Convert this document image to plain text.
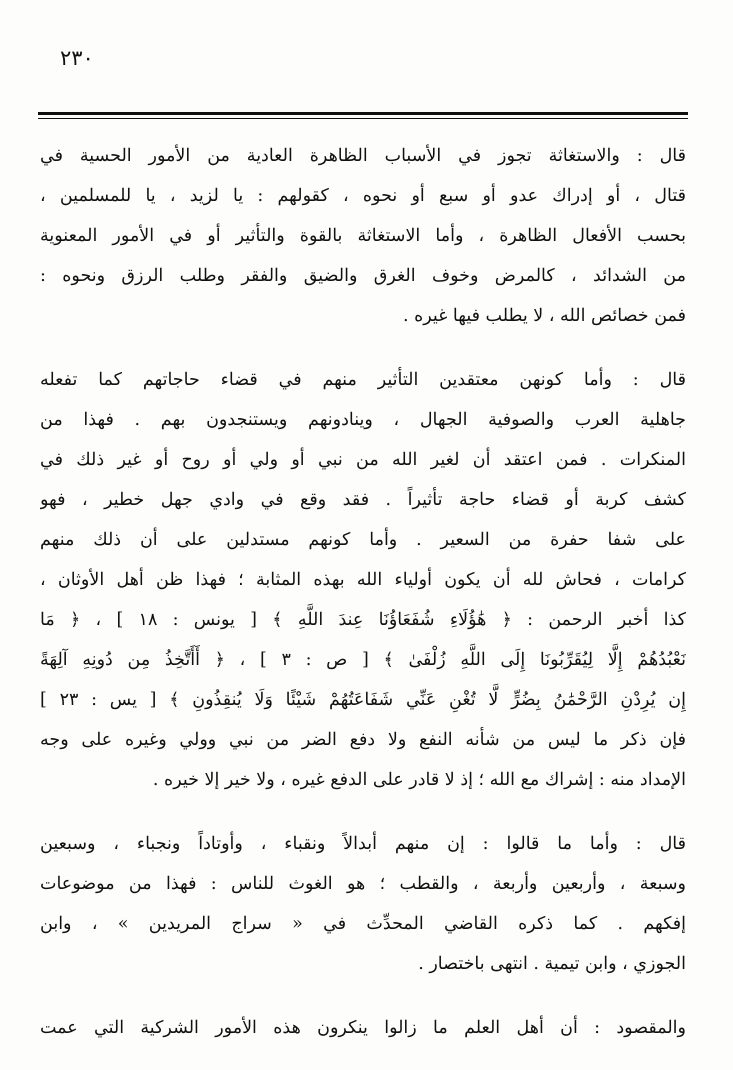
٢٣٠
قال : والاستغاثة تجوز في الأسباب الظاهرة العادية من الأمور الحسية في
قتال ، أو إدراك عدو أو سبع أو نحوه ، كقولهم : يا لزيد ، يا للمسلمين ،
بحسب الأفعال الظاهرة ، وأما الاستغاثة بالقوة والتأثير أو في الأمور المعنوية
من الشدائد ، كالمرض وخوف الغرق والضيق والفقر وطلب الرزق ونحوه :
فمن خصائص الله ، لا يطلب فيها غيره .
قال : وأما كونهن معتقدين التأثير منهم في قضاء حاجاتهم كما تفعله
جاهلية العرب والصوفية الجهال ، وينادونهم ويستنجدون بهم . فهذا من
المنكرات . فمن اعتقد أن لغير الله من نبي أو ولي أو روح أو غير ذلك في
كشف كربة أو قضاء حاجة تأثيراً . فقد وقع في وادي جهل خطير ، فهو
على شفا حفرة من السعير . وأما كونهم مستدلين على أن ذلك منهم
كرامات ، فحاش لله أن يكون أولياء الله بهذه المثابة ؛ فهذا ظن أهل الأوثان ،
كذا أخبر الرحمن : ﴿ هَٰؤُلَاءِ شُفَعَاؤُنَا عِندَ اللَّهِ ﴾ [ يونس : ١٨ ] ، ﴿ مَا
نَعْبُدُهُمْ إِلَّا لِيُقَرِّبُونَا إِلَى اللَّهِ زُلْفَىٰ ﴾ [ ص : ٣ ] ، ﴿ أَأَتَّخِذُ مِن دُونِهِ آلِهَةً
إِن يُرِدْنِ الرَّحْمَٰنُ بِضُرٍّ لَّا تُغْنِ عَنِّي شَفَاعَتُهُمْ شَيْئًا وَلَا يُنقِذُونِ ﴾ [ يس : ٢٣ ]
فإن ذكر ما ليس من شأنه النفع ولا دفع الضر من نبي وولي وغيره على وجه
الإمداد منه : إشراك مع الله ؛ إذ لا قادر على الدفع غيره ، ولا خير إلا خيره .
قال : وأما ما قالوا : إن منهم أبدالاً ونقباء ، وأوتاداً ونجباء ، وسبعين
وسبعة ، وأربعين وأربعة ، والقطب ؛ هو الغوث للناس : فهذا من موضوعات
إفكهم . كما ذكره القاضي المحدِّث في « سراج المريدين » ، وابن
الجوزي ، وابن تيمية . انتهى باختصار .
والمقصود : أن أهل العلم ما زالوا ينكرون هذه الأمور الشركية التي عمت
